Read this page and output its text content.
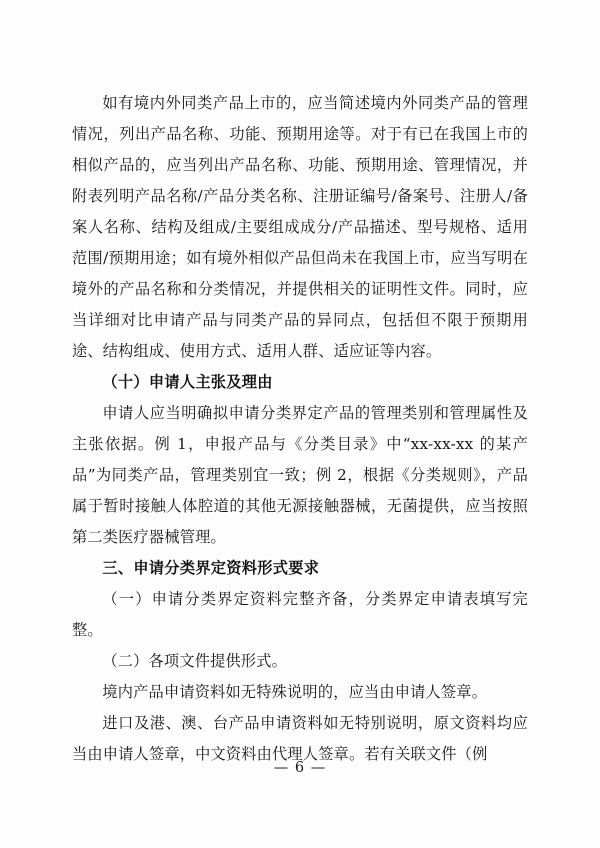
如有境内外同类产品上市的，应当简述境内外同类产品的管理情况，列出产品名称、功能、预期用途等。对于有已在我国上市的相似产品的，应当列出产品名称、功能、预期用途、管理情况，并附表列明产品名称/产品分类名称、注册证编号/备案号、注册人/备案人名称、结构及组成/主要组成成分/产品描述、型号规格、适用范围/预期用途；如有境外相似产品但尚未在我国上市，应当写明在境外的产品名称和分类情况，并提供相关的证明性文件。同时，应当详细对比申请产品与同类产品的异同点，包括但不限于预期用途、结构组成、使用方式、适用人群、适应证等内容。

（十）申请人主张及理由

申请人应当明确拟申请分类界定产品的管理类别和管理属性及主张依据。例 1，申报产品与《分类目录》中“xx-xx-xx 的某产品”为同类产品，管理类别宜一致；例 2，根据《分类规则》，产品属于暂时接触人体腔道的其他无源接触器械，无菌提供，应当按照第二类医疗器械管理。

三、申请分类界定资料形式要求

（一）申请分类界定资料完整齐备，分类界定申请表填写完整。

（二）各项文件提供形式。

境内产品申请资料如无特殊说明的，应当由申请人签章。

进口及港、澳、台产品申请资料如无特别说明，原文资料均应当由申请人签章，中文资料由代理人签章。若有关联文件（例

— 6 —
